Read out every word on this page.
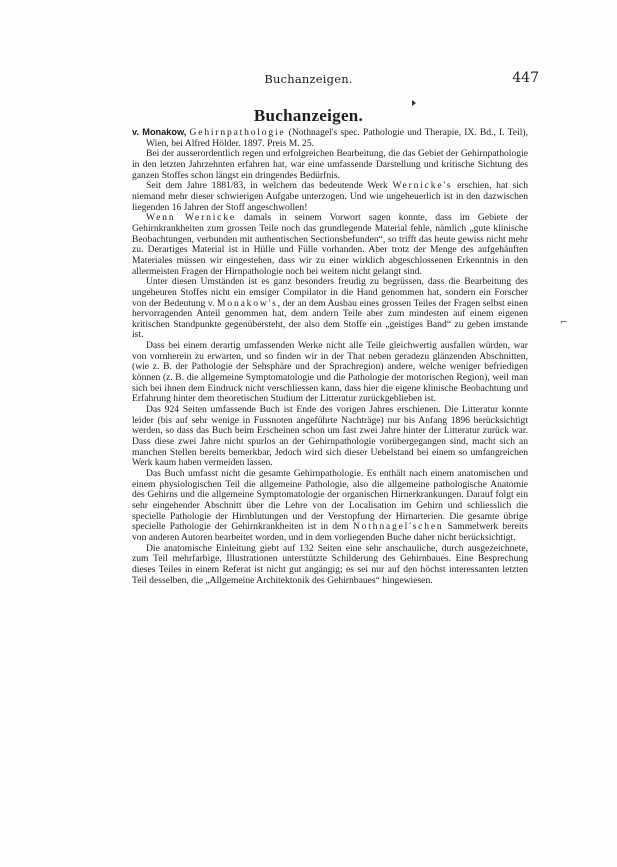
Buchanzeigen.	447
Buchanzeigen.
⌐

v. Monakow, Gehirnpathologie (Nothnagel's spec. Pathologie und Therapie, IX. Bd., I. Teil), Wien, bei Alfred Hölder. 1897. Preis M. 25.

Bei der ausserordentlich regen und erfolgreichen Bearbeitung, die das Gebiet der Gehirnpathologie in den letzten Jahrzehnten erfahren hat, war eine umfassende Darstellung und kritische Sichtung des ganzen Stoffes schon längst ein dringendes Bedürfnis.

Seit dem Jahre 1881/83, in welchem das bedeutende Werk Wernicke's erschien, hat sich niemand mehr dieser schwierigen Aufgabe unterzogen. Und wie ungeheuerlich ist in den dazwischen liegenden 16 Jahren der Stoff angeschwollen!

Wenn Wernicke damals in seinem Vorwort sagen konnte, dass im Gebiete der Gehirnkrankheiten zum grossen Teile noch das grundlegende Material fehle, nämlich „gute klinische Beobachtungen, verbunden mit authentischen Sectionsbefunden“, so trifft das heute gewiss nicht mehr zu. Derartiges Material ist in Hülle und Fülle vorhanden. Aber trotz der Menge des aufgehäuften Materiales müssen wir eingestehen, dass wir zu einer wirklich abgeschlossenen Erkenntnis in den allermeisten Fragen der Hirnpathologie noch bei weitem nicht gelangt sind.

Unter diesen Umständen ist es ganz besonders freudig zu begrüssen, dass die Bearbeitung des ungeheuren Stoffes nicht ein emsiger Compilator in die Hand genommen hat, sondern ein Forscher von der Bedeutung v. Monakow's, der an dem Ausbau eines grossen Teiles der Fragen selbst einen hervorragenden Anteil genommen hat, dem andern Teile aber zum mindesten auf einem eigenen kritischen Standpunkte gegenübersteht, der also dem Stoffe ein „geistiges Band“ zu geben imstande ist.

Dass bei einem derartig umfassenden Werke nicht alle Teile gleichwertig ausfallen würden, war von vornherein zu erwarten, und so finden wir in der That neben geradezu glänzenden Abschnitten, (wie z. B. der Pathologie der Sehsphäre und der Sprachregion) andere, welche weniger befriedigen können (z. B. die allgemeine Symptomatologie und die Pathologie der motorischen Region), weil man sich bei ihnen dem Eindruck nicht verschliessen kann, dass hier die eigene klinische Beobachtung und Erfahrung hinter dem theoretischen Studium der Litteratur zurückgeblieben ist.

Das 924 Seiten umfassende Buch ist Ende des vorigen Jahres erschienen. Die Litteratur konnte leider (bis auf sehr wenige in Fussnoten angeführte Nachträge) nur bis Anfang 1896 berücksichtigt werden, so dass das Buch beim Erscheinen schon um fast zwei Jahre hinter der Litteratur zurück war. Dass diese zwei Jahre nicht spurlos an der Gehirnpathologie vorübergegangen sind, macht sich an manchen Stellen bereits bemerkbar, Jedoch wird sich dieser Uebelstand bei einem so umfangreichen Werk kaum haben vermeiden lassen.

Das Buch umfasst nicht die gesamte Gehirnpathologie. Es enthält nach einem anatomischen und einem physiologischen Teil die allgemeine Pathologie, also die allgemeine pathologische Anatomie des Gehirns und die allgemeine Symptomatologie der organischen Hirnerkrankungen. Darauf folgt ein sehr eingehender Abschnitt über die Lehre von der Localisation im Gehirn und schliesslich die specielle Pathologie der Hirnblutungen und der Verstopfung der Hirnarterien. Die gesamte übrige specielle Pathologie der Gehirnkrankheiten ist in dem Nothnagel'schen Sammelwerk bereits von anderen Autoren bearbeitet worden, und in dem vorliegenden Buche daher nicht berücksichtigt.

Die anatomische Einleitung giebt auf 132 Seiten eine sehr anschauliche, durch ausgezeichnete, zum Teil mehrfarbige, Illustrationen unterstützte Schilderung des Gehirnbaues. Eine Besprechung dieses Teiles in einem Referat ist nicht gut angängig; es sei nur auf den höchst interessanten letzten Teil desselben, die „Allgemeine Architektonik des Gehirnbaues“ hingewiesen.
